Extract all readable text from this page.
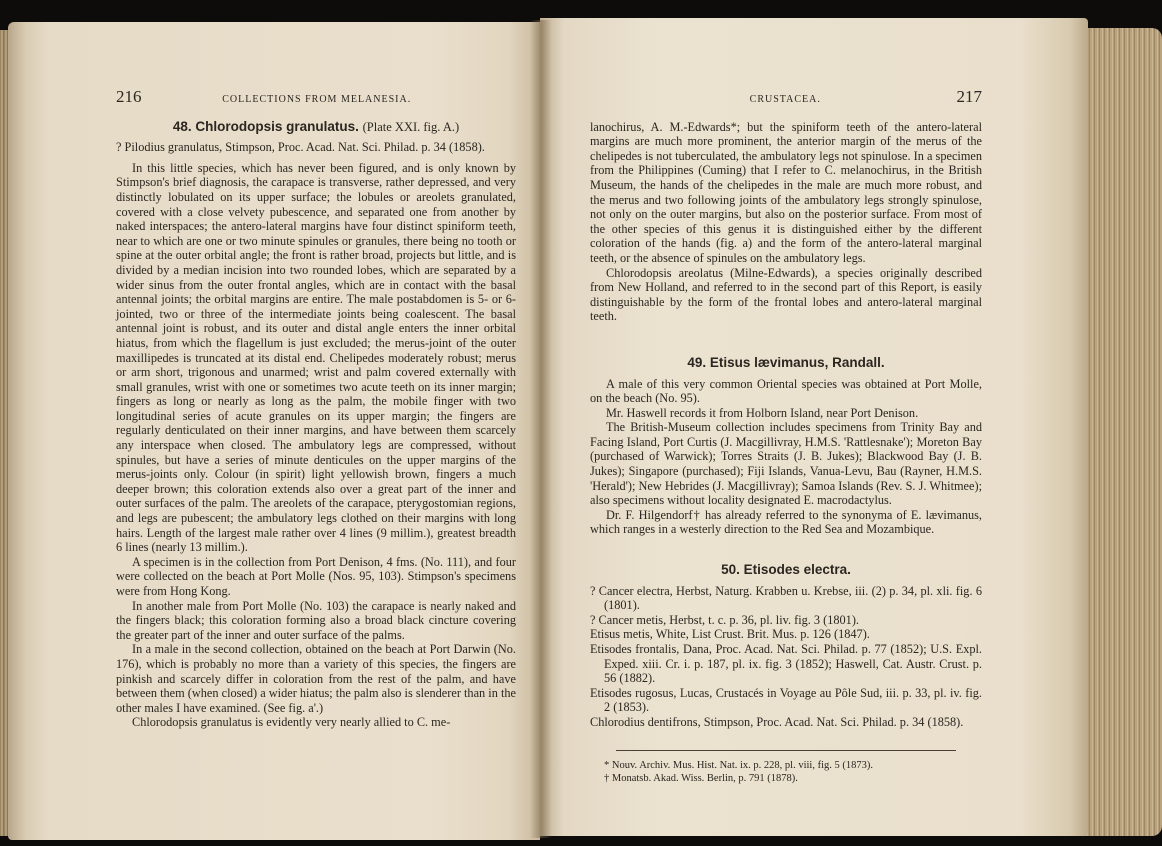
216	COLLECTIONS FROM MELANESIA.
48. Chlorodopsis granulatus. (Plate XXI. fig. A.)

? Pilodius granulatus, Stimpson, Proc. Acad. Nat. Sci. Philad. p. 34 (1858).

In this little species, which has never been figured, and is only known by Stimpson's brief diagnosis, the carapace is transverse, rather depressed, and very distinctly lobulated on its upper surface; the lobules or areolets granulated, covered with a close velvety pubescence, and separated one from another by naked interspaces; the antero-lateral margins have four distinct spiniform teeth, near to which are one or two minute spinules or granules, there being no tooth or spine at the outer orbital angle; the front is rather broad, projects but little, and is divided by a median incision into two rounded lobes, which are separated by a wider sinus from the outer frontal angles, which are in contact with the basal antennal joints; the orbital margins are entire. The male postabdomen is 5- or 6-jointed, two or three of the intermediate joints being coalescent. The basal antennal joint is robust, and its outer and distal angle enters the inner orbital hiatus, from which the flagellum is just excluded; the merus-joint of the outer maxillipedes is truncated at its distal end. Chelipedes moderately robust; merus or arm short, trigonous and unarmed; wrist and palm covered externally with small granules, wrist with one or sometimes two acute teeth on its inner margin; fingers as long or nearly as long as the palm, the mobile finger with two longitudinal series of acute granules on its upper margin; the fingers are regularly denticulated on their inner margins, and have between them scarcely any interspace when closed. The ambulatory legs are compressed, without spinules, but have a series of minute denticules on the upper margins of the merus-joints only. Colour (in spirit) light yellowish brown, fingers a much deeper brown; this coloration extends also over a great part of the inner and outer surfaces of the palm. The areolets of the carapace, pterygostomian regions, and legs are pubescent; the ambulatory legs clothed on their margins with long hairs. Length of the largest male rather over 4 lines (9 millim.), greatest breadth 6 lines (nearly 13 millim.).

A specimen is in the collection from Port Denison, 4 fms. (No. 111), and four were collected on the beach at Port Molle (Nos. 95, 103). Stimpson's specimens were from Hong Kong.

In another male from Port Molle (No. 103) the carapace is nearly naked and the fingers black; this coloration forming also a broad black cincture covering the greater part of the inner and outer surface of the palms.

In a male in the second collection, obtained on the beach at Port Darwin (No. 176), which is probably no more than a variety of this species, the fingers are pinkish and scarcely differ in coloration from the rest of the palm, and have between them (when closed) a wider hiatus; the palm also is slenderer than in the other males I have examined. (See fig. a'.)

Chlorodopsis granulatus is evidently very nearly allied to C. me-

CRUSTACEA.	217

lanochirus, A. M.-Edwards*; but the spiniform teeth of the antero-lateral margins are much more prominent, the anterior margin of the merus of the chelipedes is not tuberculated, the ambulatory legs not spinulose. In a specimen from the Philippines (Cuming) that I refer to C. melanochirus, in the British Museum, the hands of the chelipedes in the male are much more robust, and the merus and two following joints of the ambulatory legs strongly spinulose, not only on the outer margins, but also on the posterior surface. From most of the other species of this genus it is distinguished either by the different coloration of the hands (fig. a) and the form of the antero-lateral marginal teeth, or the absence of spinules on the ambulatory legs.

Chlorodopsis areolatus (Milne-Edwards), a species originally described from New Holland, and referred to in the second part of this Report, is easily distinguishable by the form of the frontal lobes and antero-lateral marginal teeth.

49. Etisus lævimanus, Randall.

A male of this very common Oriental species was obtained at Port Molle, on the beach (No. 95).

Mr. Haswell records it from Holborn Island, near Port Denison.

The British-Museum collection includes specimens from Trinity Bay and Facing Island, Port Curtis (J. Macgillivray, H.M.S. 'Rattlesnake'); Moreton Bay (purchased of Warwick); Torres Straits (J. B. Jukes); Blackwood Bay (J. B. Jukes); Singapore (purchased); Fiji Islands, Vanua-Levu, Bau (Rayner, H.M.S. 'Herald'); New Hebrides (J. Macgillivray); Samoa Islands (Rev. S. J. Whitmee); also specimens without locality designated E. macrodactylus.

Dr. F. Hilgendorf† has already referred to the synonyma of E. lævimanus, which ranges in a westerly direction to the Red Sea and Mozambique.

50. Etisodes electra.

? Cancer electra, Herbst, Naturg. Krabben u. Krebse, iii. (2) p. 34, pl. xli. fig. 6 (1801).

? Cancer metis, Herbst, t. c. p. 36, pl. liv. fig. 3 (1801).

Etisus metis, White, List Crust. Brit. Mus. p. 126 (1847).

Etisodes frontalis, Dana, Proc. Acad. Nat. Sci. Philad. p. 77 (1852); U.S. Expl. Exped. xiii. Cr. i. p. 187, pl. ix. fig. 3 (1852); Haswell, Cat. Austr. Crust. p. 56 (1882).

Etisodes rugosus, Lucas, Crustacés in Voyage au Pôle Sud, iii. p. 33, pl. iv. fig. 2 (1853).

Chlorodius dentifrons, Stimpson, Proc. Acad. Nat. Sci. Philad. p. 34 (1858).

* Nouv. Archiv. Mus. Hist. Nat. ix. p. 228, pl. viii, fig. 5 (1873).

† Monatsb. Akad. Wiss. Berlin, p. 791 (1878).
